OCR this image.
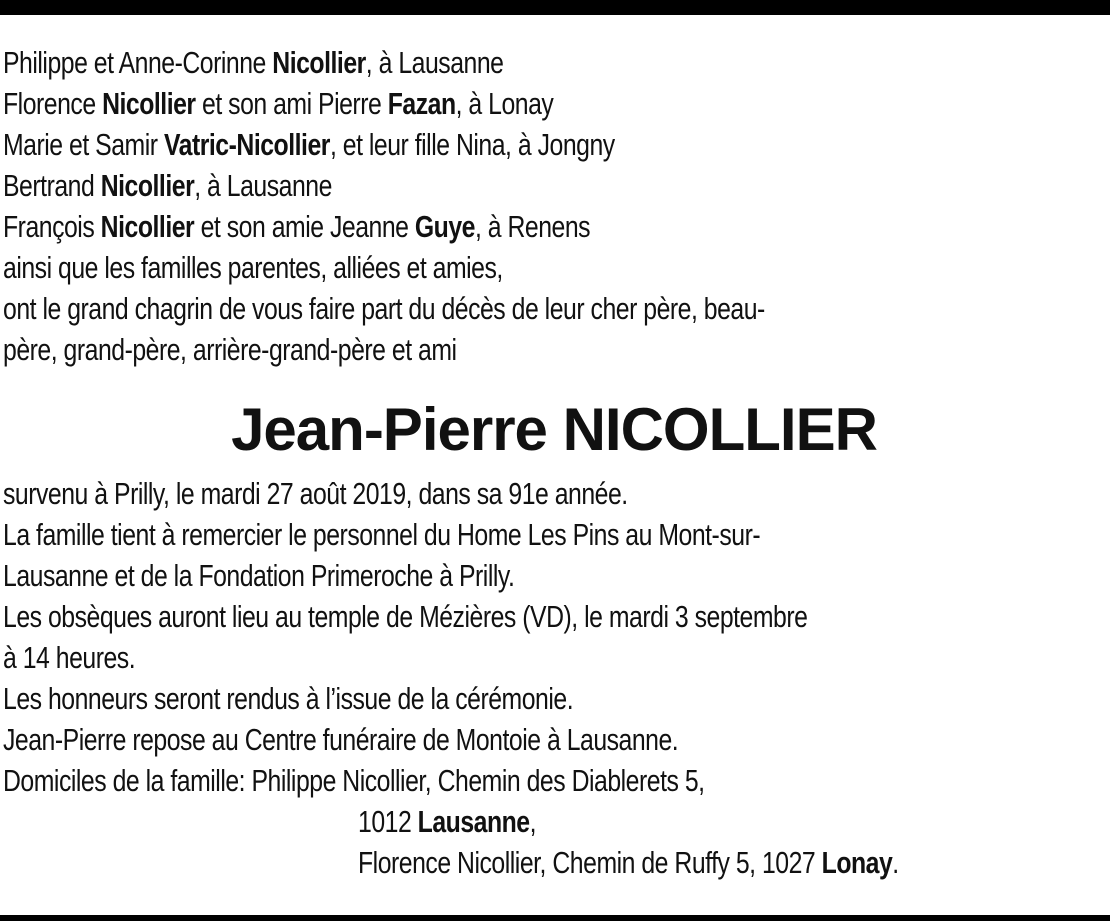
Philippe et Anne-Corinne Nicollier, à Lausanne
Florence Nicollier et son ami Pierre Fazan, à Lonay
Marie et Samir Vatric-Nicollier, et leur fille Nina, à Jongny
Bertrand Nicollier, à Lausanne
François Nicollier et son amie Jeanne Guye, à Renens
ainsi que les familles parentes, alliées et amies,
ont le grand chagrin de vous faire part du décès de leur cher père, beau-
père, grand-père, arrière-grand-père et ami
Jean-Pierre NICOLLIER
survenu à Prilly, le mardi 27 août 2019, dans sa 91e année.
La famille tient à remercier le personnel du Home Les Pins au Mont-sur-
Lausanne et de la Fondation Primeroche à Prilly.
Les obsèques auront lieu au temple de Mézières (VD), le mardi 3 septembre
à 14 heures.
Les honneurs seront rendus à l’issue de la cérémonie.
Jean-Pierre repose au Centre funéraire de Montoie à Lausanne.
Domiciles de la famille: Philippe Nicollier, Chemin des Diablerets 5,
1012 Lausanne,
Florence Nicollier, Chemin de Ruffy 5, 1027 Lonay.
